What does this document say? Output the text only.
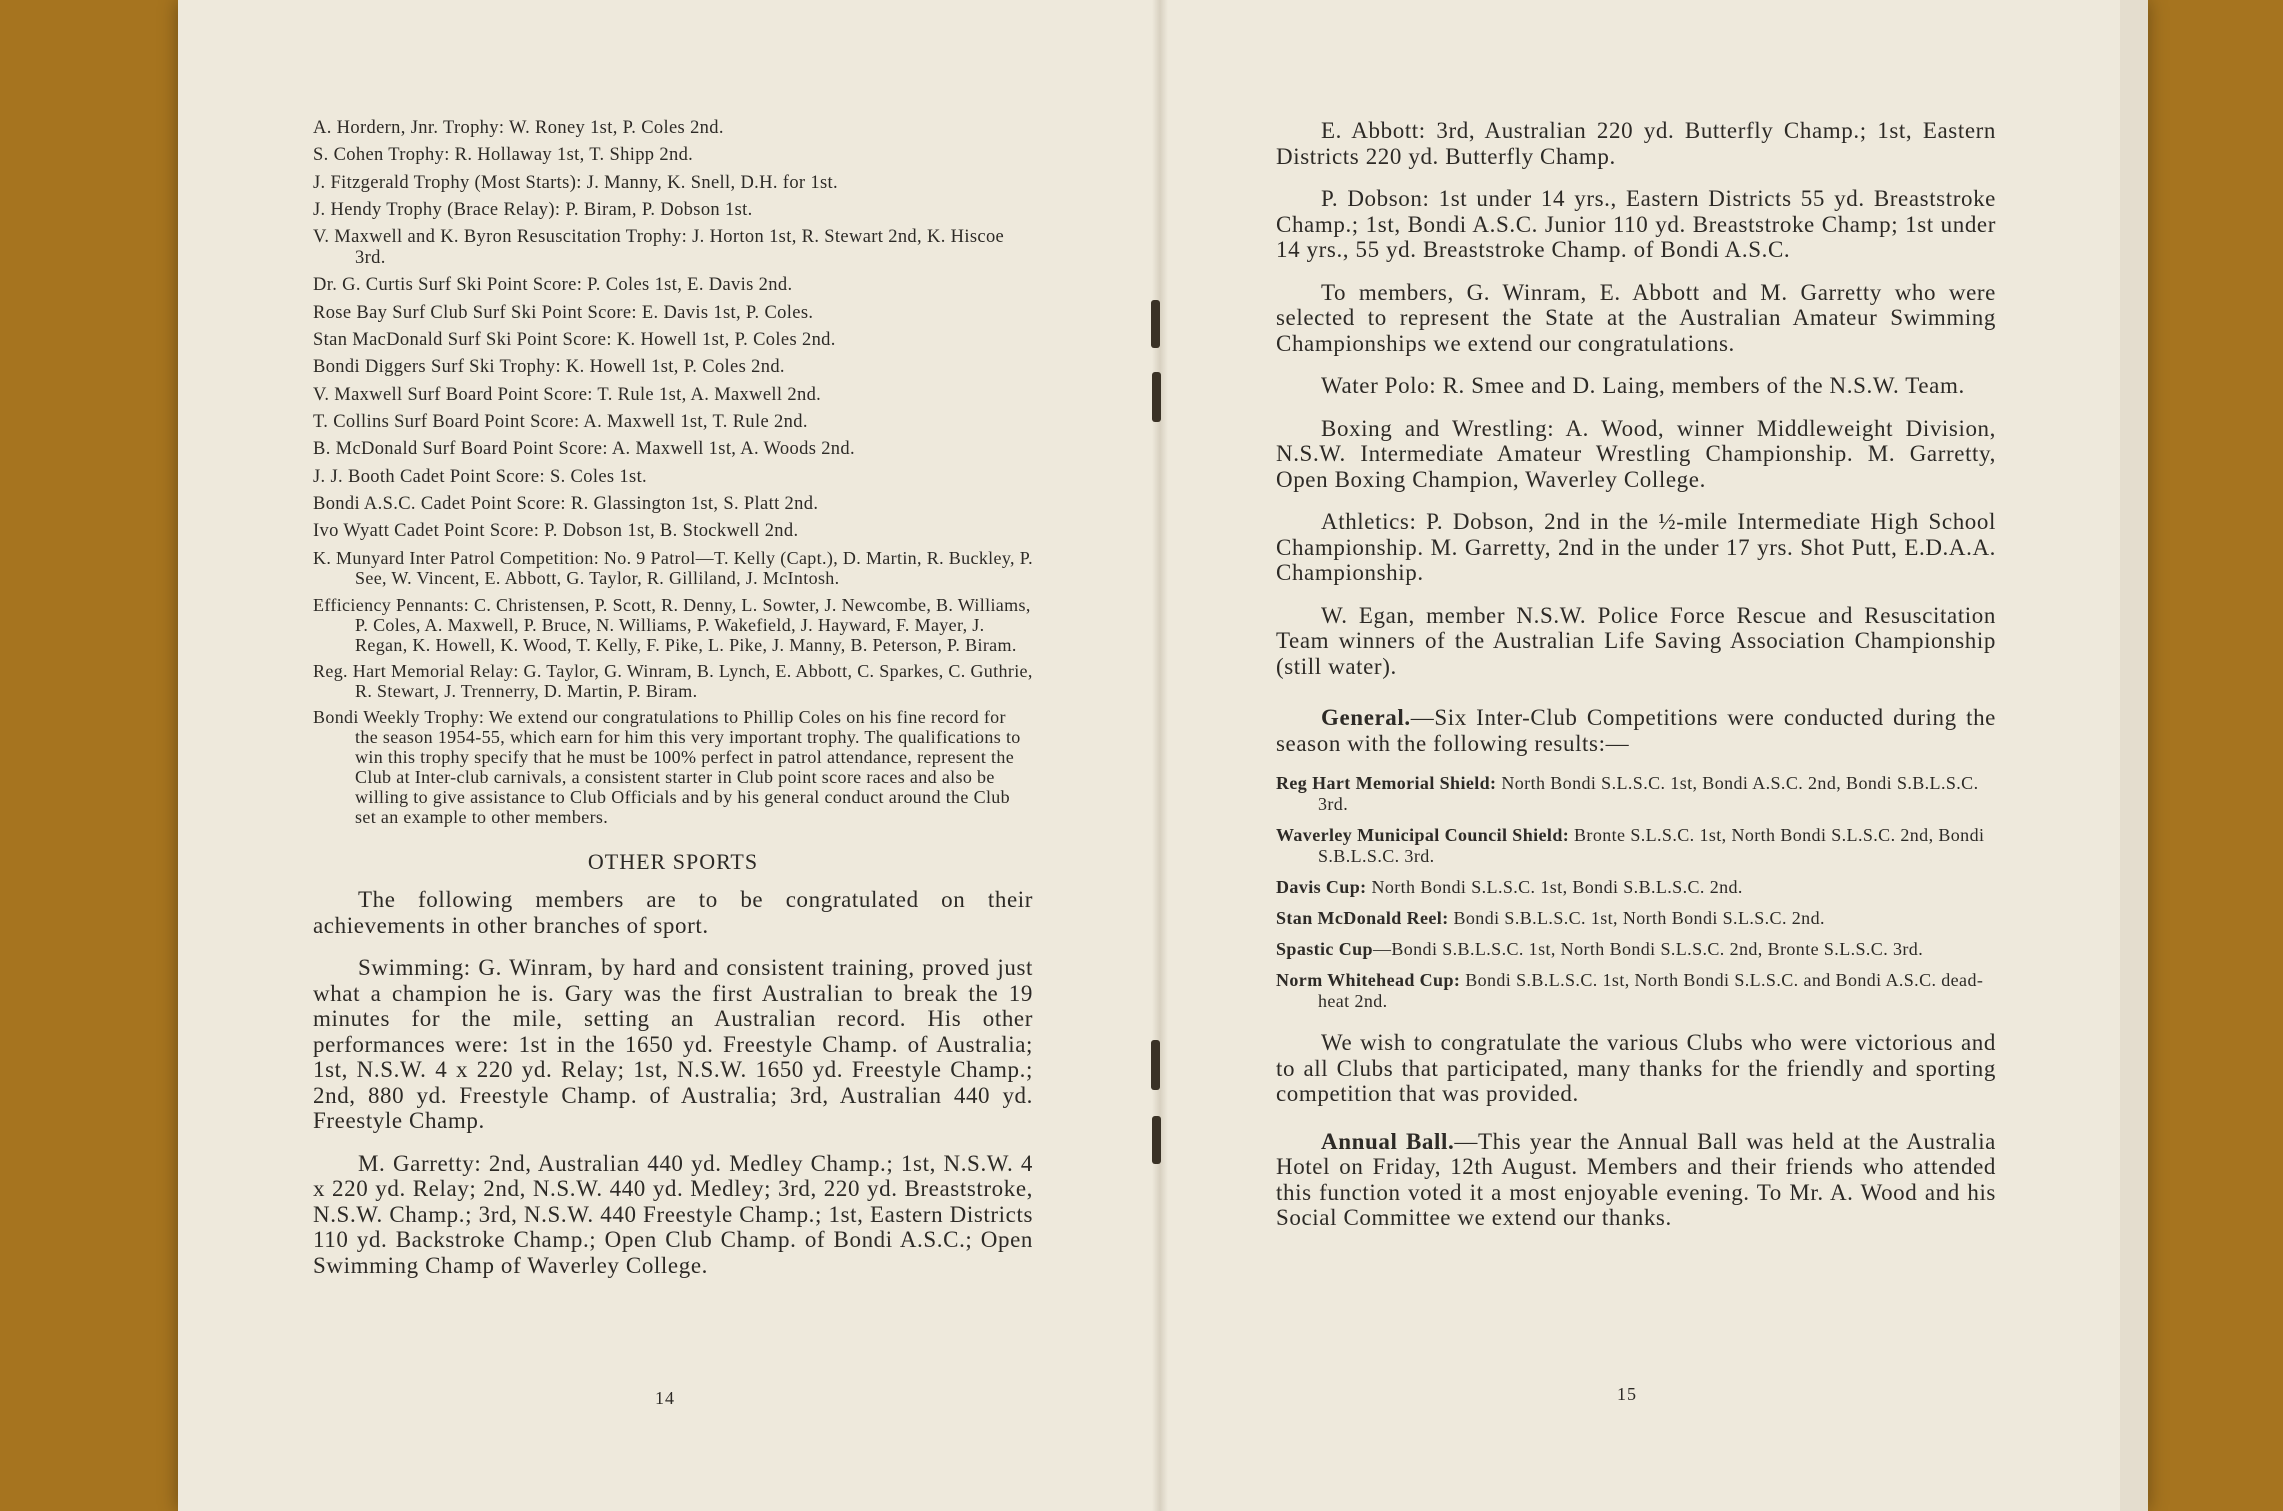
A. Hordern, Jnr. Trophy: W. Roney 1st, P. Coles 2nd.

S. Cohen Trophy: R. Hollaway 1st, T. Shipp 2nd.

J. Fitzgerald Trophy (Most Starts): J. Manny, K. Snell, D.H. for 1st.

J. Hendy Trophy (Brace Relay): P. Biram, P. Dobson 1st.

V. Maxwell and K. Byron Resuscitation Trophy: J. Horton 1st, R. Stewart 2nd, K. Hiscoe 3rd.

Dr. G. Curtis Surf Ski Point Score: P. Coles 1st, E. Davis 2nd.

Rose Bay Surf Club Surf Ski Point Score: E. Davis 1st, P. Coles.

Stan MacDonald Surf Ski Point Score: K. Howell 1st, P. Coles 2nd.

Bondi Diggers Surf Ski Trophy: K. Howell 1st, P. Coles 2nd.

V. Maxwell Surf Board Point Score: T. Rule 1st, A. Maxwell 2nd.

T. Collins Surf Board Point Score: A. Maxwell 1st, T. Rule 2nd.

B. McDonald Surf Board Point Score: A. Maxwell 1st, A. Woods 2nd.

J. J. Booth Cadet Point Score: S. Coles 1st.

Bondi A.S.C. Cadet Point Score: R. Glassington 1st, S. Platt 2nd.

Ivo Wyatt Cadet Point Score: P. Dobson 1st, B. Stockwell 2nd.

K. Munyard Inter Patrol Competition: No. 9 Patrol—T. Kelly (Capt.), D. Martin, R. Buckley, P. See, W. Vincent, E. Abbott, G. Taylor, R. Gilliland, J. McIntosh.

Efficiency Pennants: C. Christensen, P. Scott, R. Denny, L. Sowter, J. Newcombe, B. Williams, P. Coles, A. Maxwell, P. Bruce, N. Williams, P. Wakefield, J. Hayward, F. Mayer, J. Regan, K. Howell, K. Wood, T. Kelly, F. Pike, L. Pike, J. Manny, B. Peterson, P. Biram.

Reg. Hart Memorial Relay: G. Taylor, G. Winram, B. Lynch, E. Abbott, C. Sparkes, C. Guthrie, R. Stewart, J. Trennerry, D. Martin, P. Biram.

Bondi Weekly Trophy: We extend our congratulations to Phillip Coles on his fine record for the season 1954-55, which earn for him this very important trophy. The qualifications to win this trophy specify that he must be 100% perfect in patrol attendance, represent the Club at Inter-club carnivals, a consistent starter in Club point score races and also be willing to give assistance to Club Officials and by his general conduct around the Club set an example to other members.

OTHER SPORTS

The following members are to be congratulated on their achievements in other branches of sport.

Swimming: G. Winram, by hard and consistent training, proved just what a champion he is. Gary was the first Australian to break the 19 minutes for the mile, setting an Australian record. His other performances were: 1st in the 1650 yd. Freestyle Champ. of Australia; 1st, N.S.W. 4 x 220 yd. Relay; 1st, N.S.W. 1650 yd. Freestyle Champ.; 2nd, 880 yd. Freestyle Champ. of Australia; 3rd, Australian 440 yd. Freestyle Champ.

M. Garretty: 2nd, Australian 440 yd. Medley Champ.; 1st, N.S.W. 4 x 220 yd. Relay; 2nd, N.S.W. 440 yd. Medley; 3rd, 220 yd. Breaststroke, N.S.W. Champ.; 3rd, N.S.W. 440 Freestyle Champ.; 1st, Eastern Districts 110 yd. Backstroke Champ.; Open Club Champ. of Bondi A.S.C.; Open Swimming Champ of Waverley College.

14

E. Abbott: 3rd, Australian 220 yd. Butterfly Champ.; 1st, Eastern Districts 220 yd. Butterfly Champ.

P. Dobson: 1st under 14 yrs., Eastern Districts 55 yd. Breaststroke Champ.; 1st, Bondi A.S.C. Junior 110 yd. Breaststroke Champ; 1st under 14 yrs., 55 yd. Breaststroke Champ. of Bondi A.S.C.

To members, G. Winram, E. Abbott and M. Garretty who were selected to represent the State at the Australian Amateur Swimming Championships we extend our congratulations.

Water Polo: R. Smee and D. Laing, members of the N.S.W. Team.

Boxing and Wrestling: A. Wood, winner Middleweight Division, N.S.W. Intermediate Amateur Wrestling Championship. M. Garretty, Open Boxing Champion, Waverley College.

Athletics: P. Dobson, 2nd in the ½-mile Intermediate High School Championship. M. Garretty, 2nd in the under 17 yrs. Shot Putt, E.D.A.A. Championship.

W. Egan, member N.S.W. Police Force Rescue and Resuscitation Team winners of the Australian Life Saving Association Championship (still water).

General.—Six Inter-Club Competitions were conducted during the season with the following results:—

Reg Hart Memorial Shield: North Bondi S.L.S.C. 1st, Bondi A.S.C. 2nd, Bondi S.B.L.S.C. 3rd.

Waverley Municipal Council Shield: Bronte S.L.S.C. 1st, North Bondi S.L.S.C. 2nd, Bondi S.B.L.S.C. 3rd.

Davis Cup: North Bondi S.L.S.C. 1st, Bondi S.B.L.S.C. 2nd.

Stan McDonald Reel: Bondi S.B.L.S.C. 1st, North Bondi S.L.S.C. 2nd.

Spastic Cup—Bondi S.B.L.S.C. 1st, North Bondi S.L.S.C. 2nd, Bronte S.L.S.C. 3rd.

Norm Whitehead Cup: Bondi S.B.L.S.C. 1st, North Bondi S.L.S.C. and Bondi A.S.C. dead-heat 2nd.

We wish to congratulate the various Clubs who were victorious and to all Clubs that participated, many thanks for the friendly and sporting competition that was provided.

Annual Ball.—This year the Annual Ball was held at the Australia Hotel on Friday, 12th August. Members and their friends who attended this function voted it a most enjoyable evening. To Mr. A. Wood and his Social Committee we extend our thanks.

15
